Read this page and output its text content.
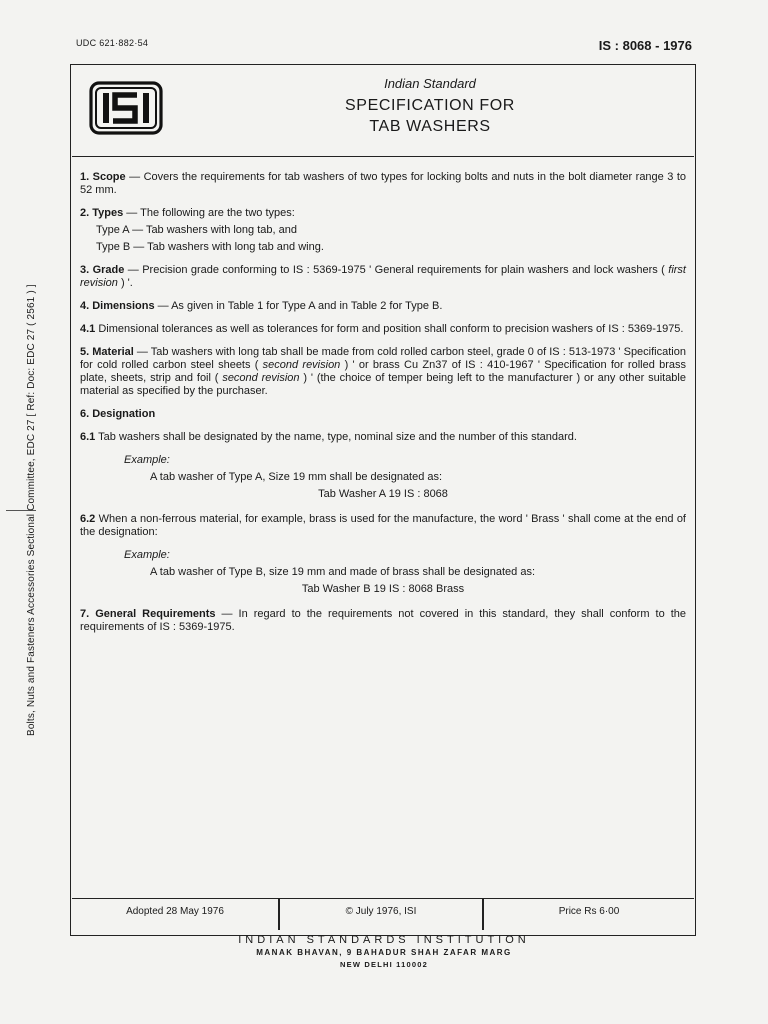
UDC 621·882·54	IS : 8068 - 1976
Bolts, Nuts and Fasteners Accessories Sectional Committee, EDC 27 [ Ref: Doc: EDC 27 ( 2561 ) ]
Indian Standard
SPECIFICATION FOR
TAB WASHERS

1. Scope — Covers the requirements for tab washers of two types for locking bolts and nuts in the bolt diameter range 3 to 52 mm.

2. Types — The following are the two types:

Type A — Tab washers with long tab, and

Type B — Tab washers with long tab and wing.

3. Grade — Precision grade conforming to IS : 5369-1975 ' General requirements for plain washers and lock washers ( first revision ) '.

4. Dimensions — As given in Table 1 for Type A and in Table 2 for Type B.

4.1 Dimensional tolerances as well as tolerances for form and position shall conform to precision washers of IS : 5369-1975.

5. Material — Tab washers with long tab shall be made from cold rolled carbon steel, grade 0 of IS : 513-1973 ' Specification for cold rolled carbon steel sheets ( second revision ) ' or brass Cu Zn37 of IS : 410-1967 ' Specification for rolled brass plate, sheets, strip and foil ( second revision ) ' (the choice of temper being left to the manufacturer ) or any other suitable material as specified by the purchaser.

6. Designation

6.1 Tab washers shall be designated by the name, type, nominal size and the number of this standard.

Example:

A tab washer of Type A, Size 19 mm shall be designated as:

Tab Washer A 19 IS : 8068

6.2 When a non-ferrous material, for example, brass is used for the manufacture, the word ' Brass ' shall come at the end of the designation:

Example:

A tab washer of Type B, size 19 mm and made of brass shall be designated as:

Tab Washer B 19 IS : 8068 Brass

7. General Requirements — In regard to the requirements not covered in this standard, they shall conform to the requirements of IS : 5369-1975.

Adopted 28 May 1976	© July 1976, ISI	Price Rs 6·00
INDIAN STANDARDS INSTITUTION
MANAK BHAVAN, 9 BAHADUR SHAH ZAFAR MARG
NEW DELHI 110002
